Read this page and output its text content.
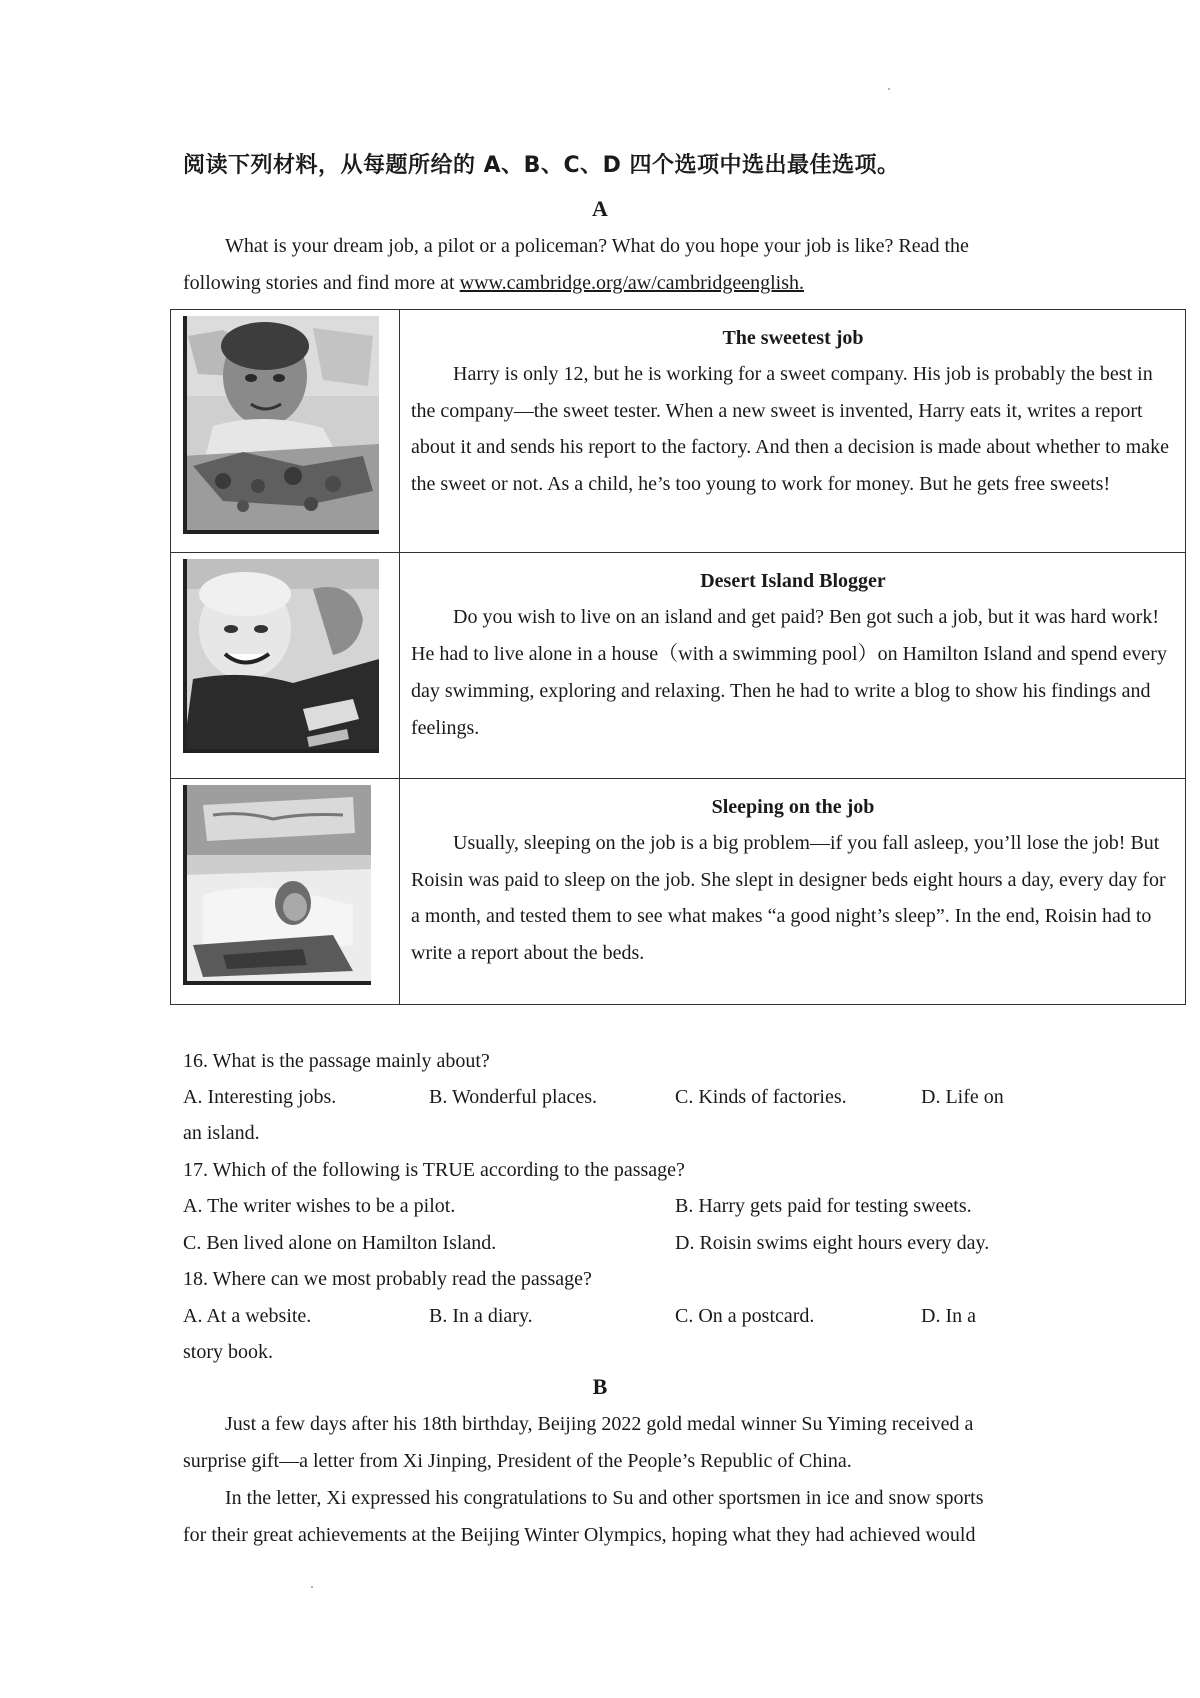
阅读下列材料，从每题所给的 A、B、C、D 四个选项中选出最佳选项。
A
What is your dream job, a pilot or a policeman? What do you hope your job is like? Read the
following stories and find more at www.cambridge.org/aw/cambridgeenglish.

The sweetest job

Harry is only 12, but he is working for a sweet company. His job is probably the best in the company—the sweet tester. When a new sweet is invented, Harry eats it, writes a report about it and sends his report to the factory. And then a decision is made about whether to make the sweet or not. As a child, he’s too young to work for money. But he gets free sweets!

Desert Island Blogger

Do you wish to live on an island and get paid? Ben got such a job, but it was hard work! He had to live alone in a house（with a swimming pool）on Hamilton Island and spend every day swimming, exploring and relaxing. Then he had to write a blog to show his findings and feelings.

Sleeping on the job

Usually, sleeping on the job is a big problem—if you fall asleep, you’ll lose the job! But Roisin was paid to sleep on the job. She slept in designer beds eight hours a day, every day for a month, and tested them to see what makes “a good night’s sleep”. In the end, Roisin had to write a report about the beds.

16. What is the passage mainly about?
A. Interesting jobs.	B. Wonderful places.	C. Kinds of factories.	D. Life on
an island.
17. Which of the following is TRUE according to the passage?
A. The writer wishes to be a pilot.	B. Harry gets paid for testing sweets.
C. Ben lived alone on Hamilton Island.	D. Roisin swims eight hours every day.
18. Where can we most probably read the passage?
A. At a website.	B. In a diary.	C. On a postcard.	D. In a
story book.
B
Just a few days after his 18th birthday, Beijing 2022 gold medal winner Su Yiming received a
surprise gift—a letter from Xi Jinping, President of the People’s Republic of China.
In the letter, Xi expressed his congratulations to Su and other sportsmen in ice and snow sports
for their great achievements at the Beijing Winter Olympics, hoping what they had achieved would
